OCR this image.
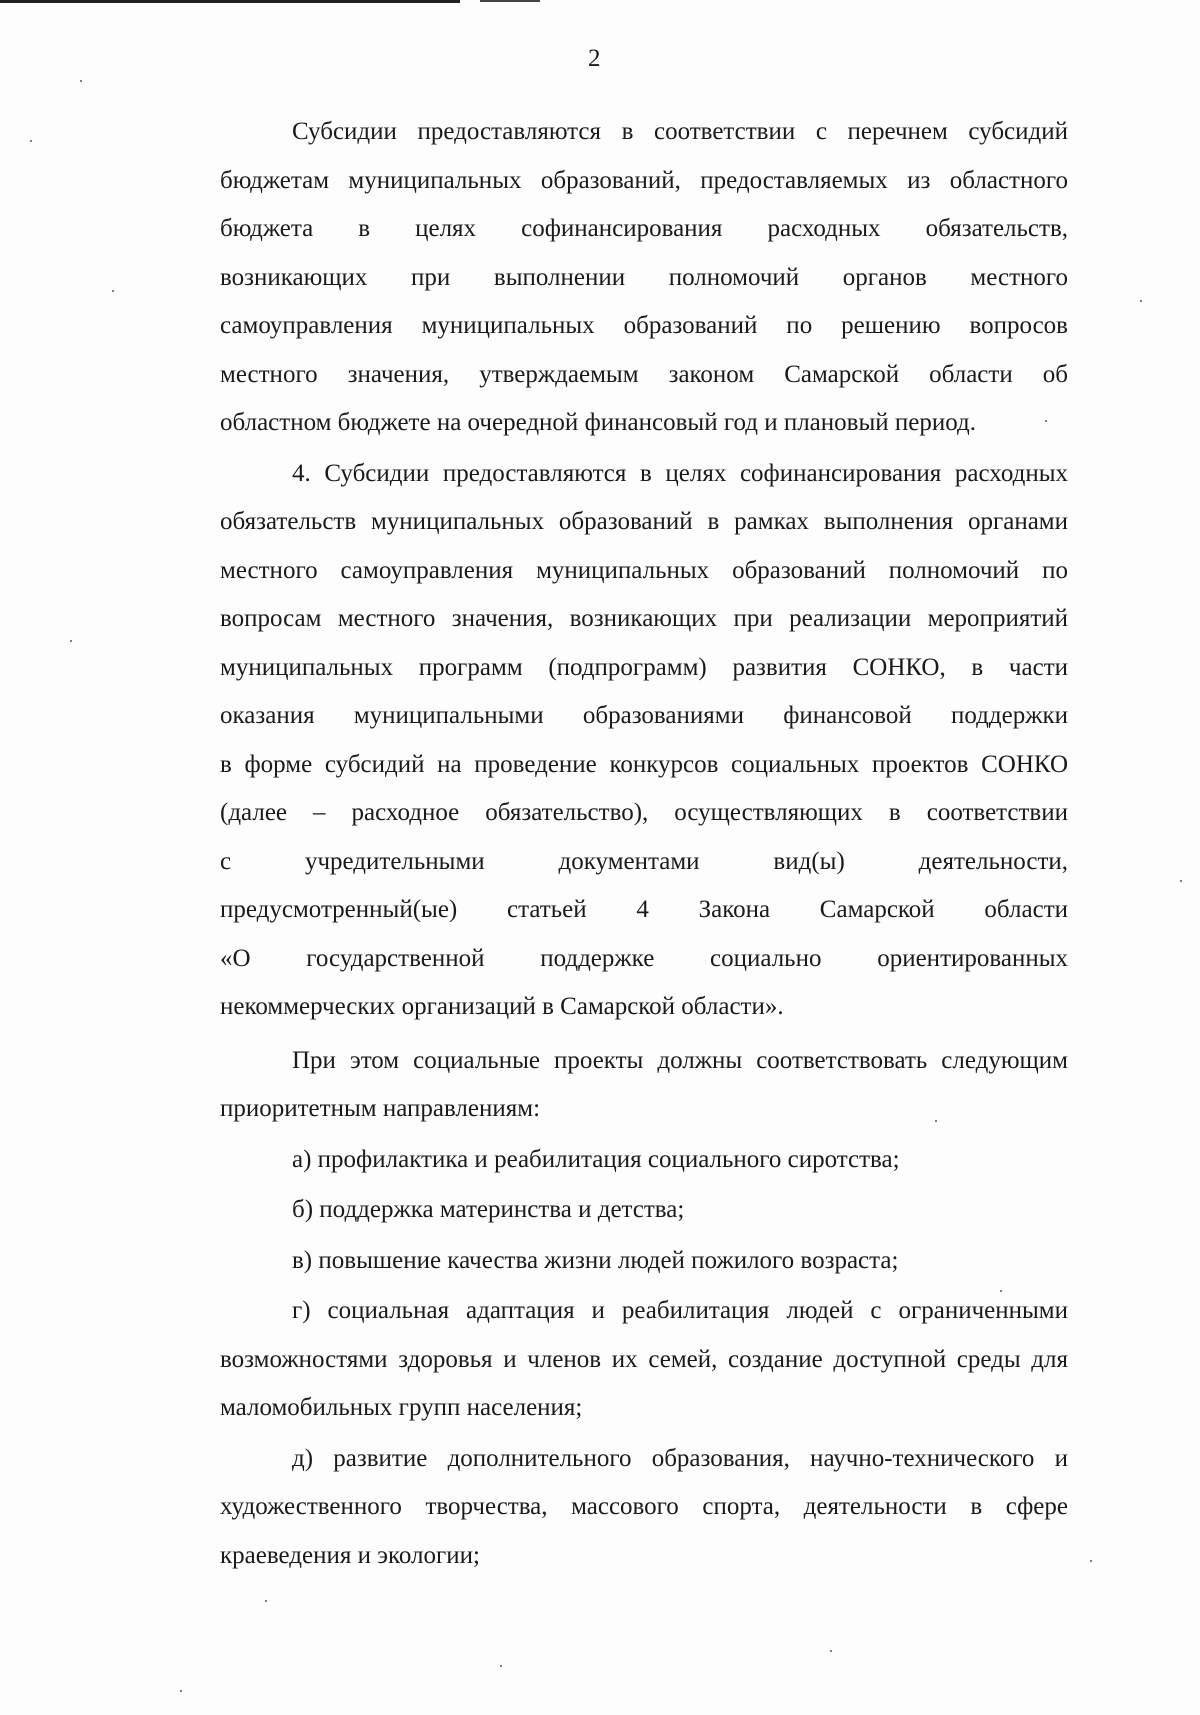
2
Субсидии предоставляются в соответствии с перечнем субсидий
бюджетам муниципальных образований, предоставляемых из областного
бюджета в целях софинансирования расходных обязательств,
возникающих при выполнении полномочий органов местного
самоуправления муниципальных образований по решению вопросов
местного значения, утверждаемым законом Самарской области об
областном бюджете на очередной финансовый год и плановый период.
4. Субсидии предоставляются в целях софинансирования расходных
обязательств муниципальных образований в рамках выполнения органами
местного самоуправления муниципальных образований полномочий по
вопросам местного значения, возникающих при реализации мероприятий
муниципальных программ (подпрограмм) развития СОНКО, в части
оказания муниципальными образованиями финансовой поддержки
в форме субсидий на проведение конкурсов социальных проектов СОНКО
(далее – расходное обязательство), осуществляющих в соответствии
с учредительными документами вид(ы) деятельности,
предусмотренный(ые) статьей 4 Закона Самарской области
«О государственной поддержке социально ориентированных
некоммерческих организаций в Самарской области».
При этом социальные проекты должны соответствовать следующим
приоритетным направлениям:
а) профилактика и реабилитация социального сиротства;
б) поддержка материнства и детства;
в) повышение качества жизни людей пожилого возраста;
г) социальная адаптация и реабилитация людей с ограниченными
возможностями здоровья и членов их семей, создание доступной среды для
маломобильных групп населения;
д) развитие дополнительного образования, научно-технического и
художественного творчества, массового спорта, деятельности в сфере
краеведения и экологии;
